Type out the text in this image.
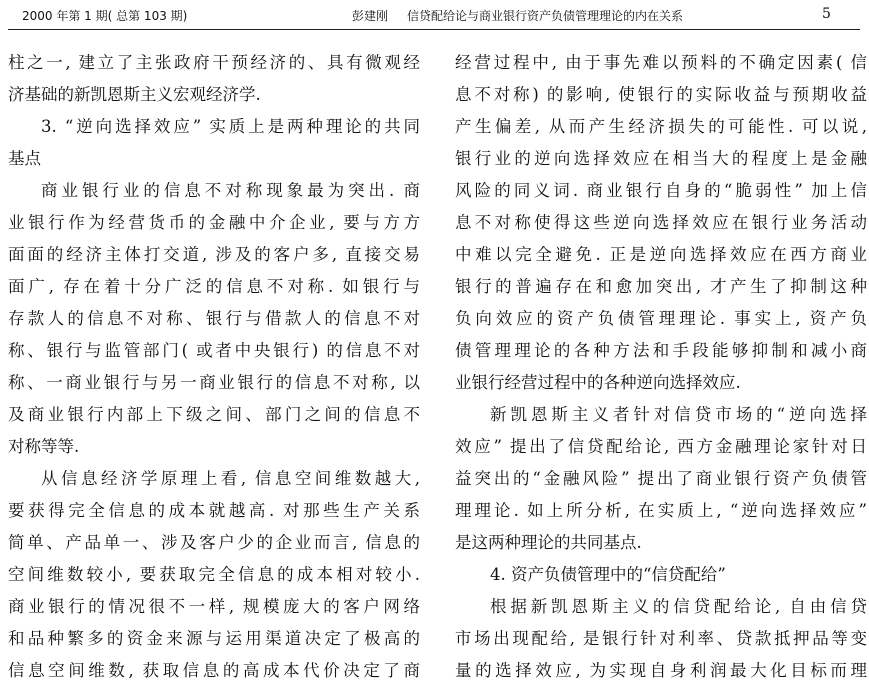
2000 年第 1 期( 总第 103 期)	彭建刚 信贷配给论与商业银行资产负债管理理论的内在关系	5
柱之一, 建立了主张政府干预经济的、具有微观经
济基础的新凯恩斯主义宏观经济学.
3. “逆向选择效应” 实质上是两种理论的共同
基点
商业银行业的信息不对称现象最为突出. 商
业银行作为经营货币的金融中介企业, 要与方方
面面的经济主体打交道, 涉及的客户多, 直接交易
面广, 存在着十分广泛的信息不对称. 如银行与
存款人的信息不对称、银行与借款人的信息不对
称、银行与监管部门( 或者中央银行) 的信息不对
称、一商业银行与另一商业银行的信息不对称, 以
及商业银行内部上下级之间、部门之间的信息不
对称等等.
从信息经济学原理上看, 信息空间维数越大,
要获得完全信息的成本就越高. 对那些生产关系
简单、产品单一、涉及客户少的企业而言, 信息的
空间维数较小, 要获取完全信息的成本相对较小.
商业银行的情况很不一样, 规模庞大的客户网络
和品种繁多的资金来源与运用渠道决定了极高的
信息空间维数, 获取信息的高成本代价决定了商
经营过程中, 由于事先难以预料的不确定因素( 信
息不对称) 的影响, 使银行的实际收益与预期收益
产生偏差, 从而产生经济损失的可能性. 可以说,
银行业的逆向选择效应在相当大的程度上是金融
风险的同义词. 商业银行自身的“脆弱性” 加上信
息不对称使得这些逆向选择效应在银行业务活动
中难以完全避免. 正是逆向选择效应在西方商业
银行的普遍存在和愈加突出, 才产生了抑制这种
负向效应的资产负债管理理论. 事实上, 资产负
债管理理论的各种方法和手段能够抑制和减小商
业银行经营过程中的各种逆向选择效应.
新凯恩斯主义者针对信贷市场的“逆向选择
效应” 提出了信贷配给论, 西方金融理论家针对日
益突出的“金融风险” 提出了商业银行资产负债管
理理论. 如上所分析, 在实质上, “逆向选择效应”
是这两种理论的共同基点.
4. 资产负债管理中的“信贷配给”
根据新凯恩斯主义的信贷配给论, 自由信贷
市场出现配给, 是银行针对利率、贷款抵押品等变
量的选择效应, 为实现自身利润最大化目标而理
